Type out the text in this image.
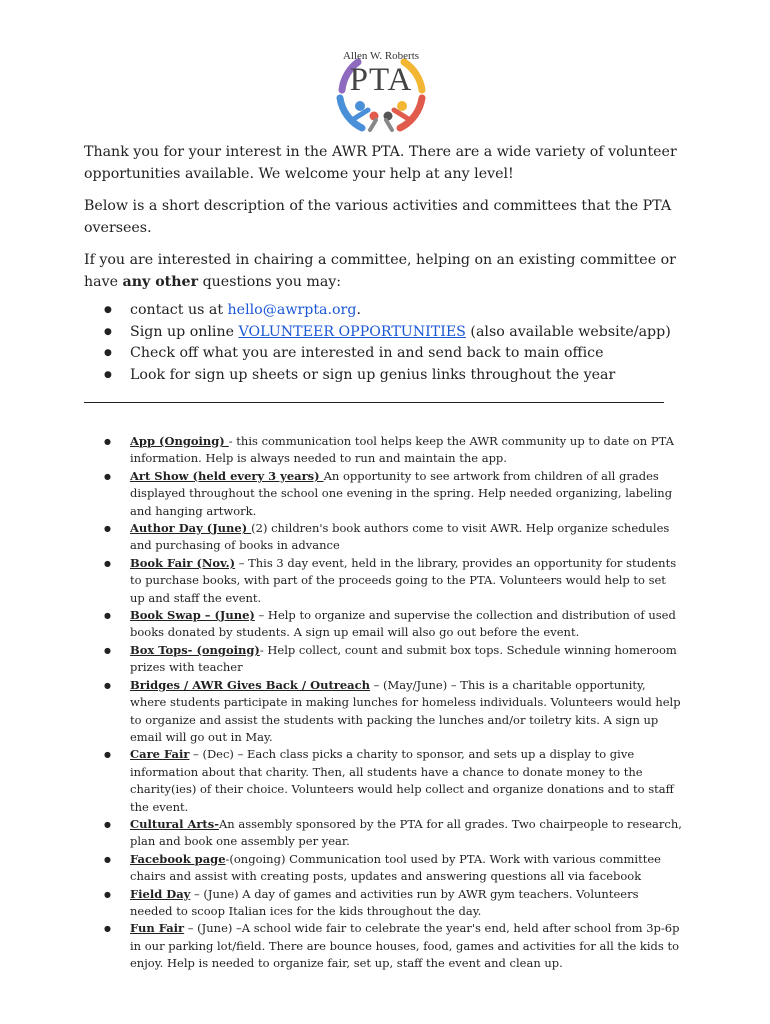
Allen W. Roberts
PTA

Thank you for your interest in the AWR PTA. There are a wide variety of volunteer opportunities available. We welcome your help at any level!

Below is a short description of the various activities and committees that the PTA oversees.

If you are interested in chairing a committee, helping on an existing committee or have any other questions you may:

● contact us at hello@awrpta.org.
● Sign up online VOLUNTEER OPPORTUNITIES (also available website/app)
● Check off what you are interested in and send back to main office
● Look for sign up sheets or sign up genius links throughout the year
● App (Ongoing) - this communication tool helps keep the AWR community up to date on PTA information. Help is always needed to run and maintain the app.
● Art Show (held every 3 years) An opportunity to see artwork from children of all grades displayed throughout the school one evening in the spring. Help needed organizing, labeling and hanging artwork.
● Author Day (June) (2) children's book authors come to visit AWR. Help organize schedules and purchasing of books in advance
● Book Fair (Nov.) – This 3 day event, held in the library, provides an opportunity for students to purchase books, with part of the proceeds going to the PTA. Volunteers would help to set up and staff the event.
● Book Swap – (June) – Help to organize and supervise the collection and distribution of used books donated by students. A sign up email will also go out before the event.
● Box Tops- (ongoing)- Help collect, count and submit box tops. Schedule winning homeroom prizes with teacher
● Bridges / AWR Gives Back / Outreach – (May/June) – This is a charitable opportunity, where students participate in making lunches for homeless individuals. Volunteers would help to organize and assist the students with packing the lunches and/or toiletry kits. A sign up email will go out in May.
● Care Fair – (Dec) – Each class picks a charity to sponsor, and sets up a display to give information about that charity. Then, all students have a chance to donate money to the charity(ies) of their choice. Volunteers would help collect and organize donations and to staff the event.
● Cultural Arts-An assembly sponsored by the PTA for all grades. Two chairpeople to research, plan and book one assembly per year.
● Facebook page-(ongoing) Communication tool used by PTA. Work with various committee chairs and assist with creating posts, updates and answering questions all via facebook
● Field Day – (June) A day of games and activities run by AWR gym teachers. Volunteers needed to scoop Italian ices for the kids throughout the day.
● Fun Fair – (June) –A school wide fair to celebrate the year's end, held after school from 3p-6p in our parking lot/field. There are bounce houses, food, games and activities for all the kids to enjoy. Help is needed to organize fair, set up, staff the event and clean up.
